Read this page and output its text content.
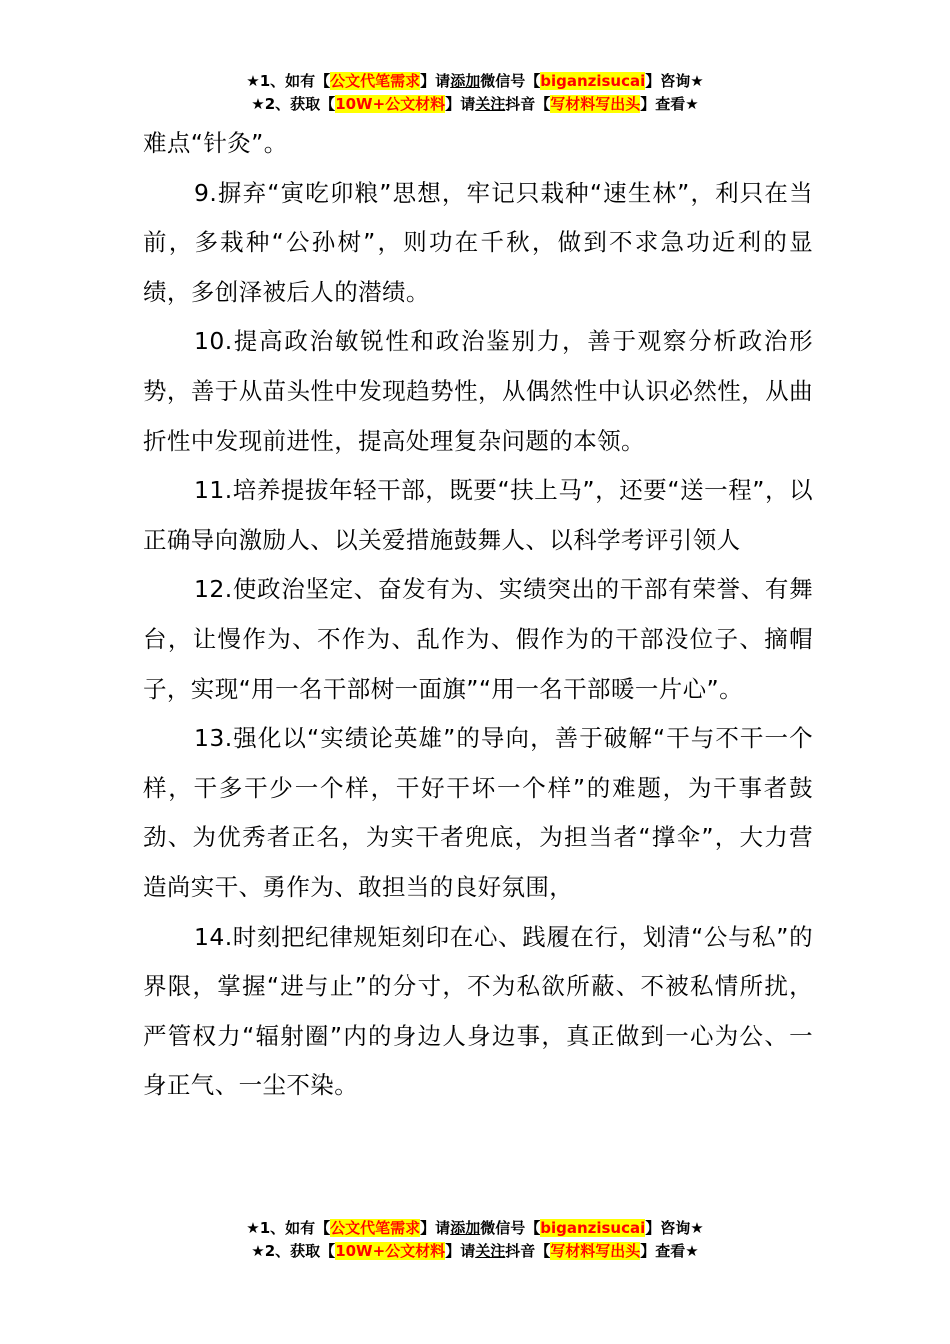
★1、如有【公文代笔需求】请添加微信号【biganzisucai】咨询★
★2、获取【10W+公文材料】请关注抖音【写材料写出头】查看★

难点“针灸”。

9.摒弃“寅吃卯粮”思想，牢记只栽种“速生林”，利只在当前，多栽种“公孙树”，则功在千秋，做到不求急功近利的显绩，多创泽被后人的潜绩。

10.提高政治敏锐性和政治鉴别力，善于观察分析政治形势，善于从苗头性中发现趋势性，从偶然性中认识必然性，从曲折性中发现前进性，提高处理复杂问题的本领。

11.培养提拔年轻干部，既要“扶上马”，还要“送一程”，以正确导向激励人、以关爱措施鼓舞人、以科学考评引领人

12.使政治坚定、奋发有为、实绩突出的干部有荣誉、有舞台，让慢作为、不作为、乱作为、假作为的干部没位子、摘帽子，实现“用一名干部树一面旗”“用一名干部暖一片心”。

13.强化以“实绩论英雄”的导向，善于破解“干与不干一个样，干多干少一个样，干好干坏一个样”的难题，为干事者鼓劲、为优秀者正名，为实干者兜底，为担当者“撑伞”，大力营造尚实干、勇作为、敢担当的良好氛围，

14.时刻把纪律规矩刻印在心、践履在行，划清“公与私”的界限，掌握“进与止”的分寸，不为私欲所蔽、不被私情所扰，严管权力“辐射圈”内的身边人身边事，真正做到一心为公、一身正气、一尘不染。

★1、如有【公文代笔需求】请添加微信号【biganzisucai】咨询★
★2、获取【10W+公文材料】请关注抖音【写材料写出头】查看★
